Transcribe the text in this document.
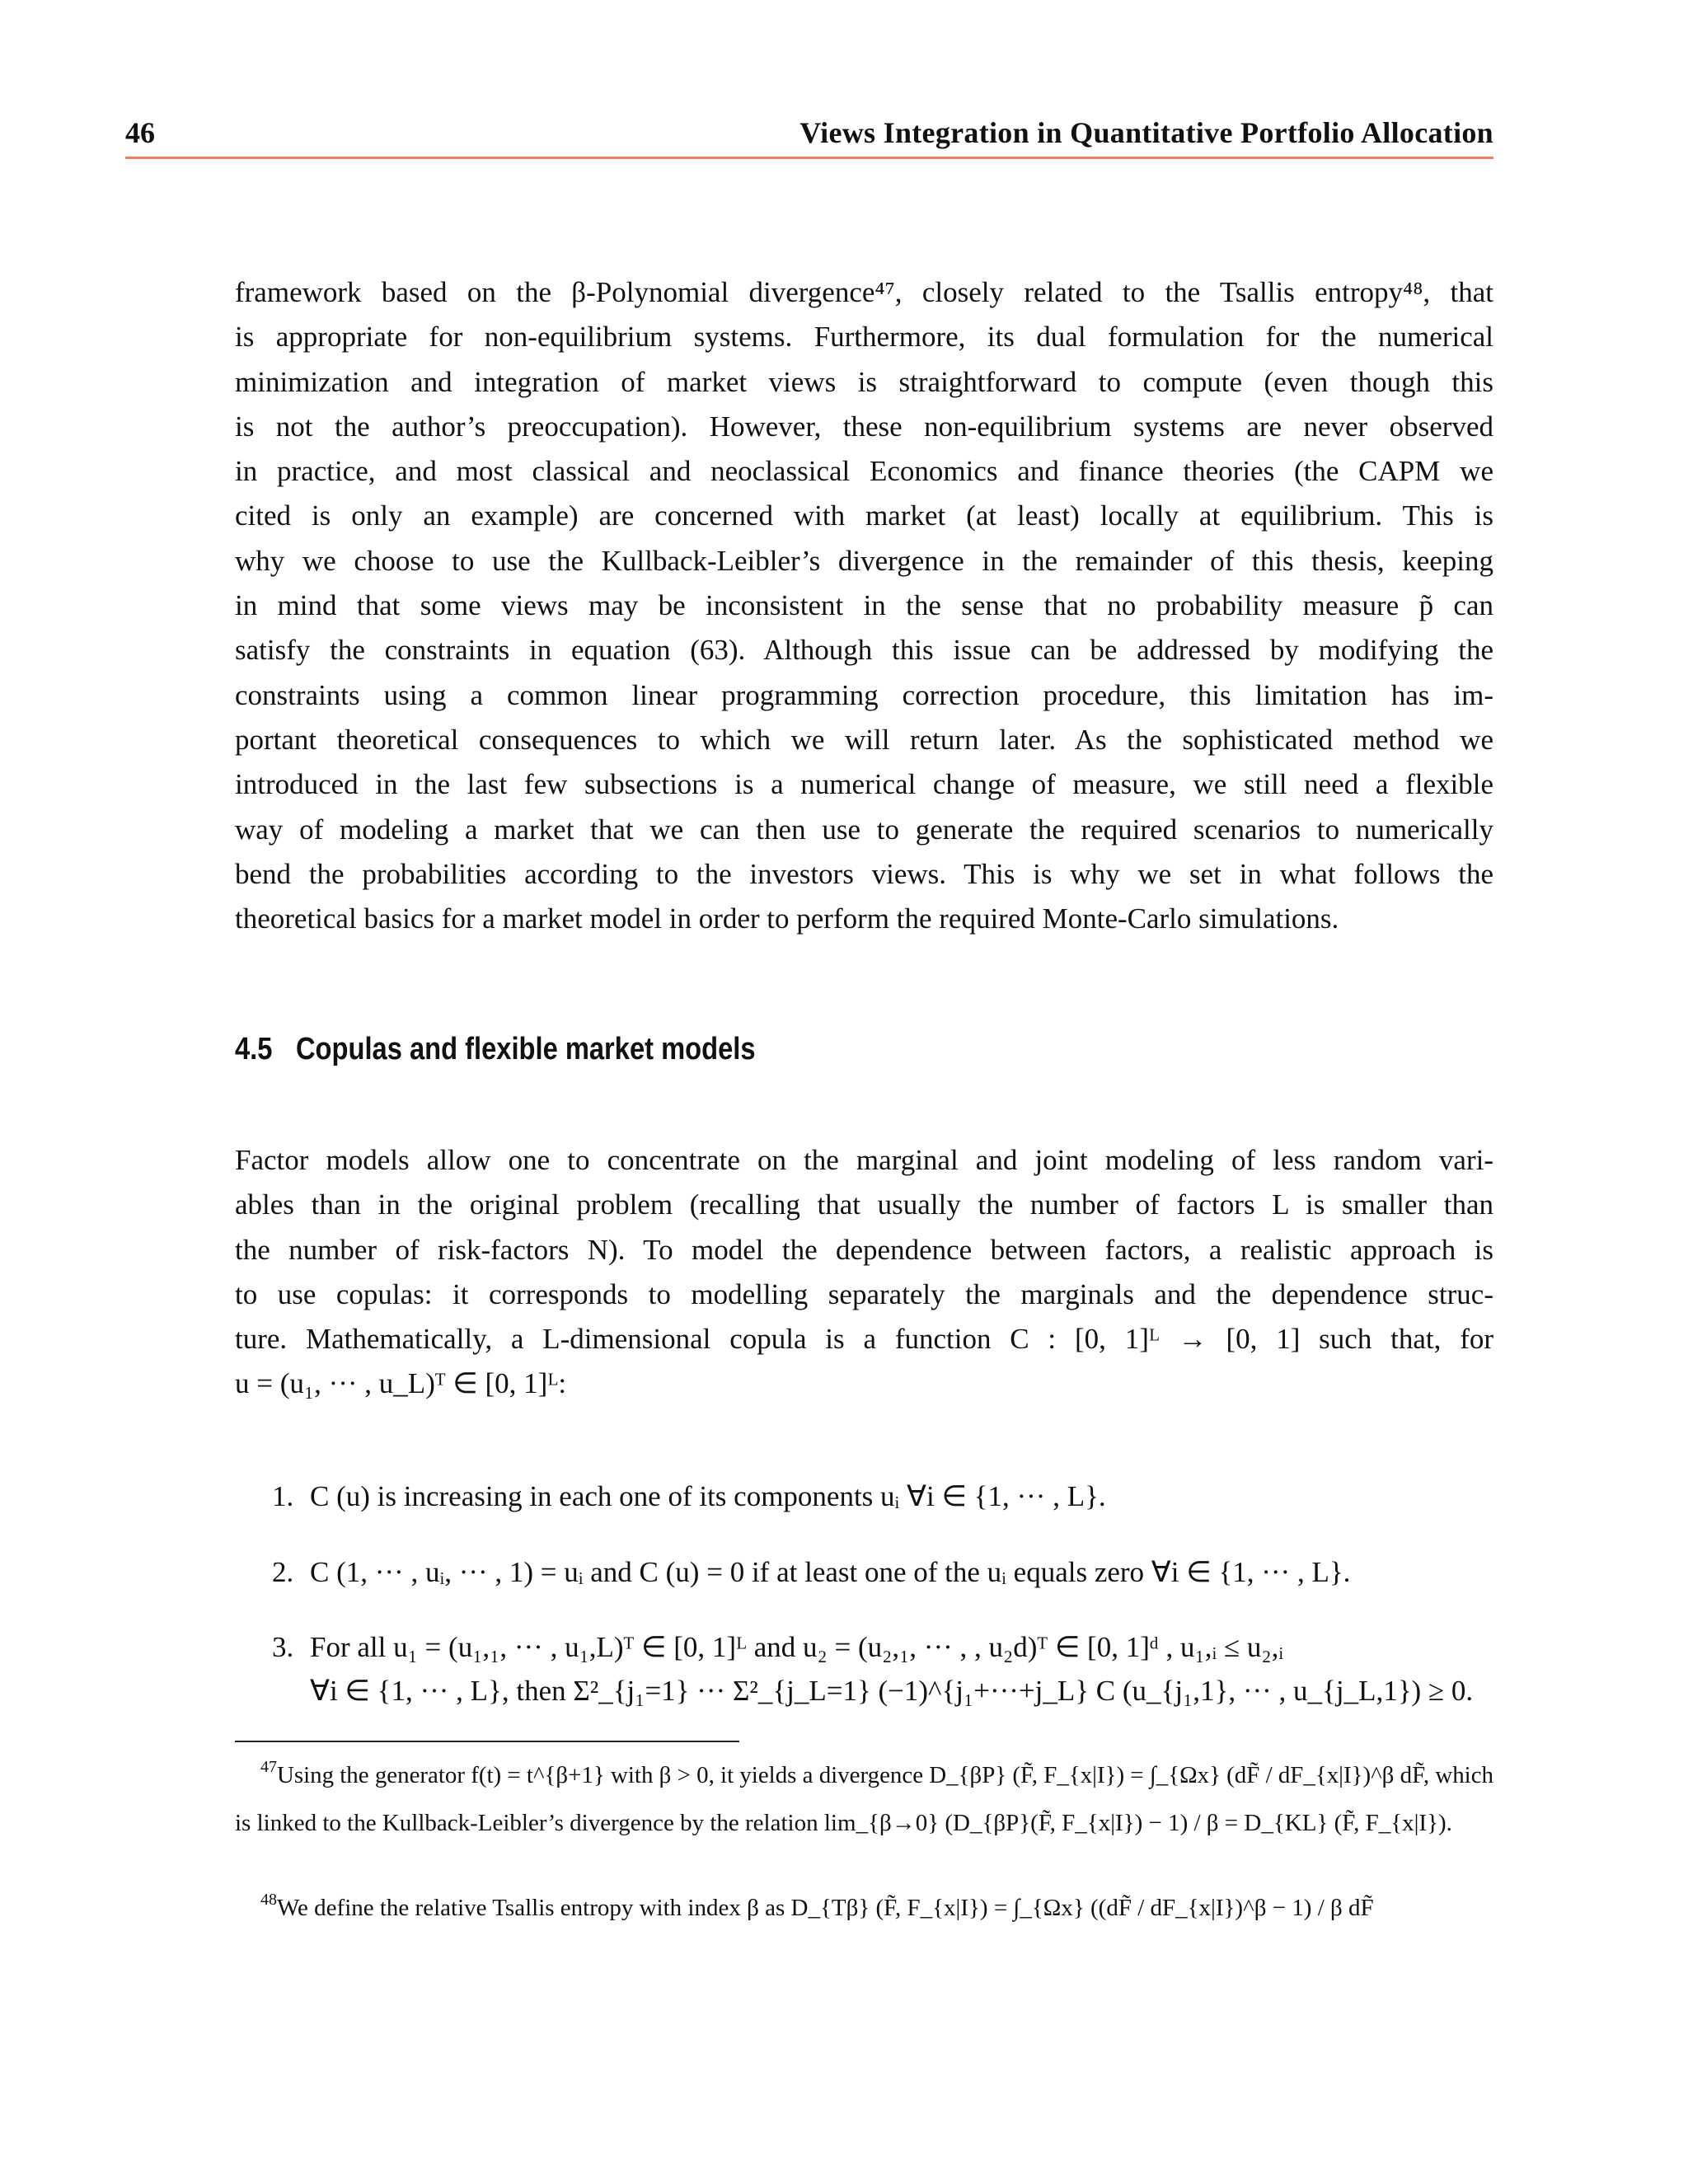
46	Views Integration in Quantitative Portfolio Allocation
framework based on the β-Polynomial divergence⁴⁷, closely related to the Tsallis entropy⁴⁸, that
is appropriate for non-equilibrium systems. Furthermore, its dual formulation for the numerical
minimization and integration of market views is straightforward to compute (even though this
is not the author’s preoccupation). However, these non-equilibrium systems are never observed
in practice, and most classical and neoclassical Economics and finance theories (the CAPM we
cited is only an example) are concerned with market (at least) locally at equilibrium. This is
why we choose to use the Kullback-Leibler’s divergence in the remainder of this thesis, keeping
in mind that some views may be inconsistent in the sense that no probability measure p̃ can
satisfy the constraints in equation (63). Although this issue can be addressed by modifying the
constraints using a common linear programming correction procedure, this limitation has im-
portant theoretical consequences to which we will return later. As the sophisticated method we
introduced in the last few subsections is a numerical change of measure, we still need a flexible
way of modeling a market that we can then use to generate the required scenarios to numerically
bend the probabilities according to the investors views. This is why we set in what follows the
theoretical basics for a market model in order to perform the required Monte-Carlo simulations.
4.5 Copulas and flexible market models
Factor models allow one to concentrate on the marginal and joint modeling of less random vari-
ables than in the original problem (recalling that usually the number of factors L is smaller than
the number of risk-factors N). To model the dependence between factors, a realistic approach is
to use copulas: it corresponds to modelling separately the marginals and the dependence struc-
ture. Mathematically, a L-dimensional copula is a function C : [0, 1]ᴸ → [0, 1] such that, for
u = (u₁, ··· , u_L)ᵀ ∈ [0, 1]ᴸ:
1. C (u) is increasing in each one of its components uᵢ ∀i ∈ {1, ··· , L}.
2. C (1, ··· , uᵢ, ··· , 1) = uᵢ and C (u) = 0 if at least one of the uᵢ equals zero ∀i ∈ {1, ··· , L}.
3. For all u₁ = (u₁,₁, ··· , u₁,L)ᵀ ∈ [0, 1]ᴸ and u₂ = (u₂,₁, ··· , , u₂d)ᵀ ∈ [0, 1]ᵈ , u₁,ᵢ ≤ u₂,ᵢ
∀i ∈ {1, ··· , L}, then Σ²_{j₁=1} ··· Σ²_{j_L=1} (−1)^{j₁+···+j_L} C (u_{j₁,1}, ··· , u_{j_L,1}) ≥ 0.
$^{47}$Using the generator f(t) = t^{β+1} with β > 0, it yields a divergence D_{βP} (F̃, F_{x|I}) = ∫_{Ωx} (dF̃ / dF_{x|I})^β dF̃, which
is linked to the Kullback-Leibler’s divergence by the relation lim_{β→0} (D_{βP}(F̃, F_{x|I}) − 1) / β = D_{KL} (F̃, F_{x|I}).
$^{48}$We define the relative Tsallis entropy with index β as D_{Tβ} (F̃, F_{x|I}) = ∫_{Ωx} ((dF̃ / dF_{x|I})^β − 1) / β dF̃
